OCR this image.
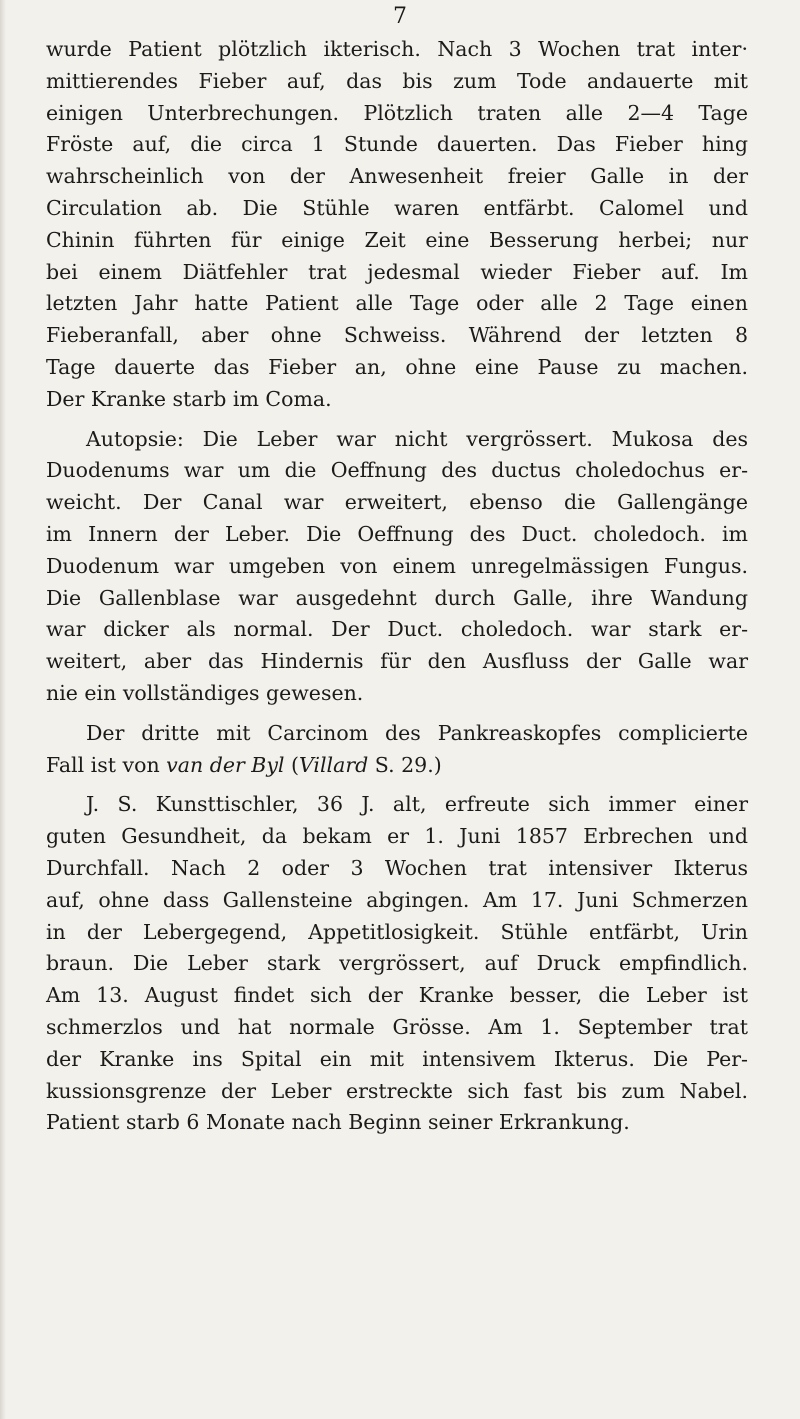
7
wurde Patient plötzlich ikterisch. Nach 3 Wochen trat inter·
mittierendes Fieber auf, das bis zum Tode andauerte mit
einigen Unterbrechungen. Plötzlich traten alle 2—4 Tage
Fröste auf, die circa 1 Stunde dauerten. Das Fieber hing
wahrscheinlich von der Anwesenheit freier Galle in der
Circulation ab. Die Stühle waren entfärbt. Calomel und
Chinin führten für einige Zeit eine Besserung herbei; nur
bei einem Diätfehler trat jedesmal wieder Fieber auf. Im
letzten Jahr hatte Patient alle Tage oder alle 2 Tage einen
Fieberanfall, aber ohne Schweiss. Während der letzten 8
Tage dauerte das Fieber an, ohne eine Pause zu machen.
Der Kranke starb im Coma.
Autopsie: Die Leber war nicht vergrössert. Mukosa des
Duodenums war um die Oeffnung des ductus choledochus er-
weicht. Der Canal war erweitert, ebenso die Gallengänge
im Innern der Leber. Die Oeffnung des Duct. choledoch. im
Duodenum war umgeben von einem unregelmässigen Fungus.
Die Gallenblase war ausgedehnt durch Galle, ihre Wandung
war dicker als normal. Der Duct. choledoch. war stark er-
weitert, aber das Hindernis für den Ausfluss der Galle war
nie ein vollständiges gewesen.
Der dritte mit Carcinom des Pankreaskopfes complicierte
Fall ist von van der Byl (Villard S. 29.)
J. S. Kunsttischler, 36 J. alt, erfreute sich immer einer
guten Gesundheit, da bekam er 1. Juni 1857 Erbrechen und
Durchfall. Nach 2 oder 3 Wochen trat intensiver Ikterus
auf, ohne dass Gallensteine abgingen. Am 17. Juni Schmerzen
in der Lebergegend, Appetitlosigkeit. Stühle entfärbt, Urin
braun. Die Leber stark vergrössert, auf Druck empfindlich.
Am 13. August findet sich der Kranke besser, die Leber ist
schmerzlos und hat normale Grösse. Am 1. September trat
der Kranke ins Spital ein mit intensivem Ikterus. Die Per-
kussionsgrenze der Leber erstreckte sich fast bis zum Nabel.
Patient starb 6 Monate nach Beginn seiner Erkrankung.
